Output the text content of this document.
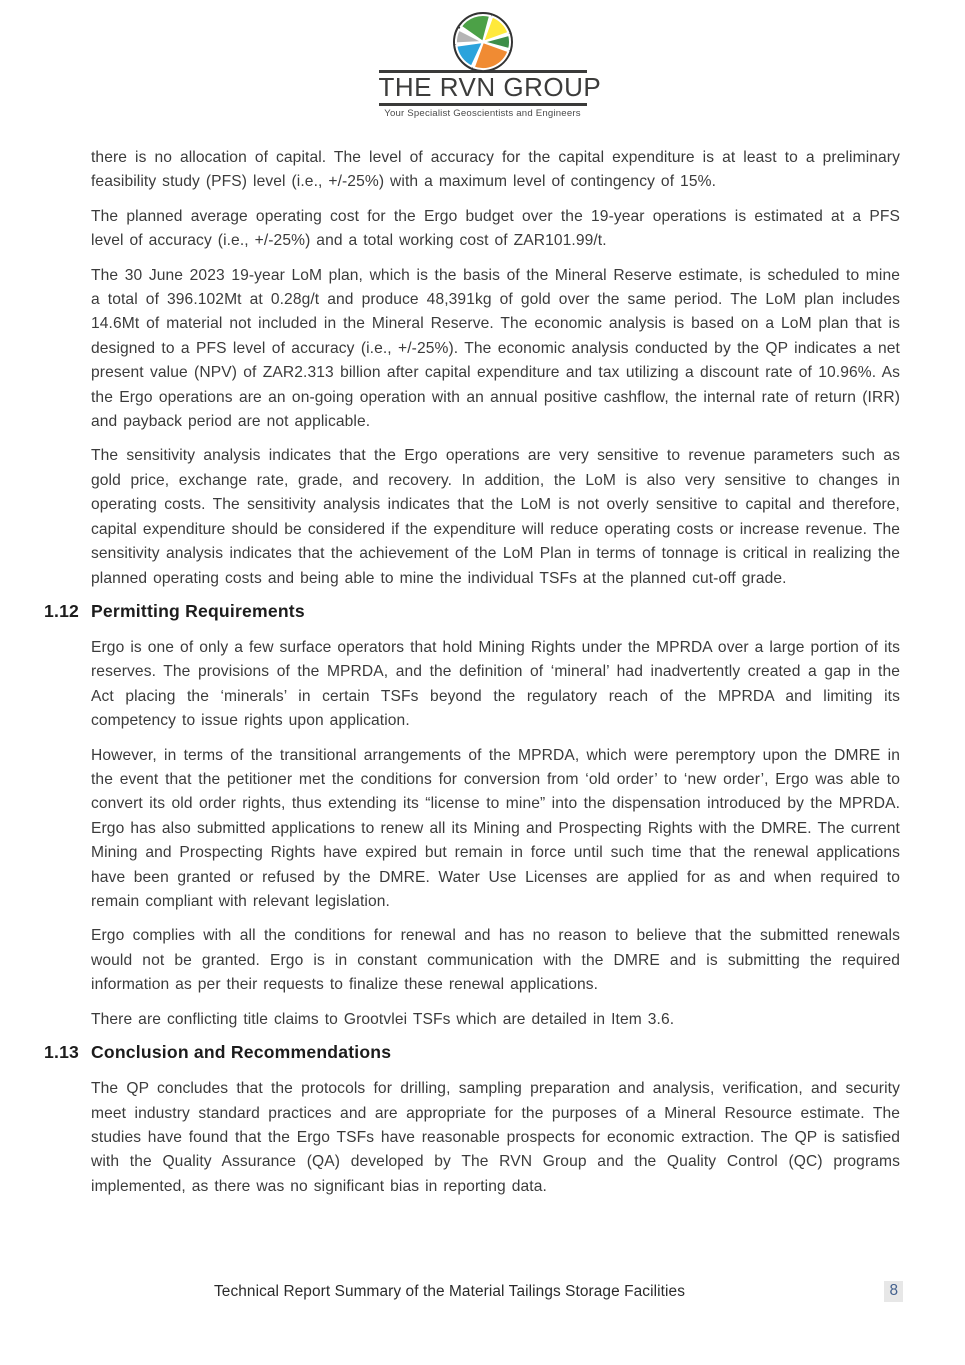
THE RVN GROUP
Your Specialist Geoscientists and Engineers

there is no allocation of capital. The level of accuracy for the capital expenditure is at least to a preliminary feasibility study (PFS) level (i.e., +/-25%) with a maximum level of contingency of 15%.

The planned average operating cost for the Ergo budget over the 19-year operations is estimated at a PFS level of accuracy (i.e., +/-25%) and a total working cost of ZAR101.99/t.

The 30 June 2023 19-year LoM plan, which is the basis of the Mineral Reserve estimate, is scheduled to mine a total of 396.102Mt at 0.28g/t and produce 48,391kg of gold over the same period. The LoM plan includes 14.6Mt of material not included in the Mineral Reserve. The economic analysis is based on a LoM plan that is designed to a PFS level of accuracy (i.e., +/-25%). The economic analysis conducted by the QP indicates a net present value (NPV) of ZAR2.313 billion after capital expenditure and tax utilizing a discount rate of 10.96%. As the Ergo operations are an on-going operation with an annual positive cashflow, the internal rate of return (IRR) and payback period are not applicable.

The sensitivity analysis indicates that the Ergo operations are very sensitive to revenue parameters such as gold price, exchange rate, grade, and recovery. In addition, the LoM is also very sensitive to changes in operating costs. The sensitivity analysis indicates that the LoM is not overly sensitive to capital and therefore, capital expenditure should be considered if the expenditure will reduce operating costs or increase revenue. The sensitivity analysis indicates that the achievement of the LoM Plan in terms of tonnage is critical in realizing the planned operating costs and being able to mine the individual TSFs at the planned cut-off grade.

1.12 Permitting Requirements

Ergo is one of only a few surface operators that hold Mining Rights under the MPRDA over a large portion of its reserves. The provisions of the MPRDA, and the definition of ‘mineral’ had inadvertently created a gap in the Act placing the ‘minerals’ in certain TSFs beyond the regulatory reach of the MPRDA and limiting its competency to issue rights upon application.

However, in terms of the transitional arrangements of the MPRDA, which were peremptory upon the DMRE in the event that the petitioner met the conditions for conversion from ‘old order’ to ‘new order’, Ergo was able to convert its old order rights, thus extending its “license to mine” into the dispensation introduced by the MPRDA. Ergo has also submitted applications to renew all its Mining and Prospecting Rights with the DMRE. The current Mining and Prospecting Rights have expired but remain in force until such time that the renewal applications have been granted or refused by the DMRE. Water Use Licenses are applied for as and when required to remain compliant with relevant legislation.

Ergo complies with all the conditions for renewal and has no reason to believe that the submitted renewals would not be granted. Ergo is in constant communication with the DMRE and is submitting the required information as per their requests to finalize these renewal applications.

There are conflicting title claims to Grootvlei TSFs which are detailed in Item 3.6.

1.13 Conclusion and Recommendations

The QP concludes that the protocols for drilling, sampling preparation and analysis, verification, and security meet industry standard practices and are appropriate for the purposes of a Mineral Resource estimate. The studies have found that the Ergo TSFs have reasonable prospects for economic extraction. The QP is satisfied with the Quality Assurance (QA) developed by The RVN Group and the Quality Control (QC) programs implemented, as there was no significant bias in reporting data.

Technical Report Summary of the Material Tailings Storage Facilities	8
